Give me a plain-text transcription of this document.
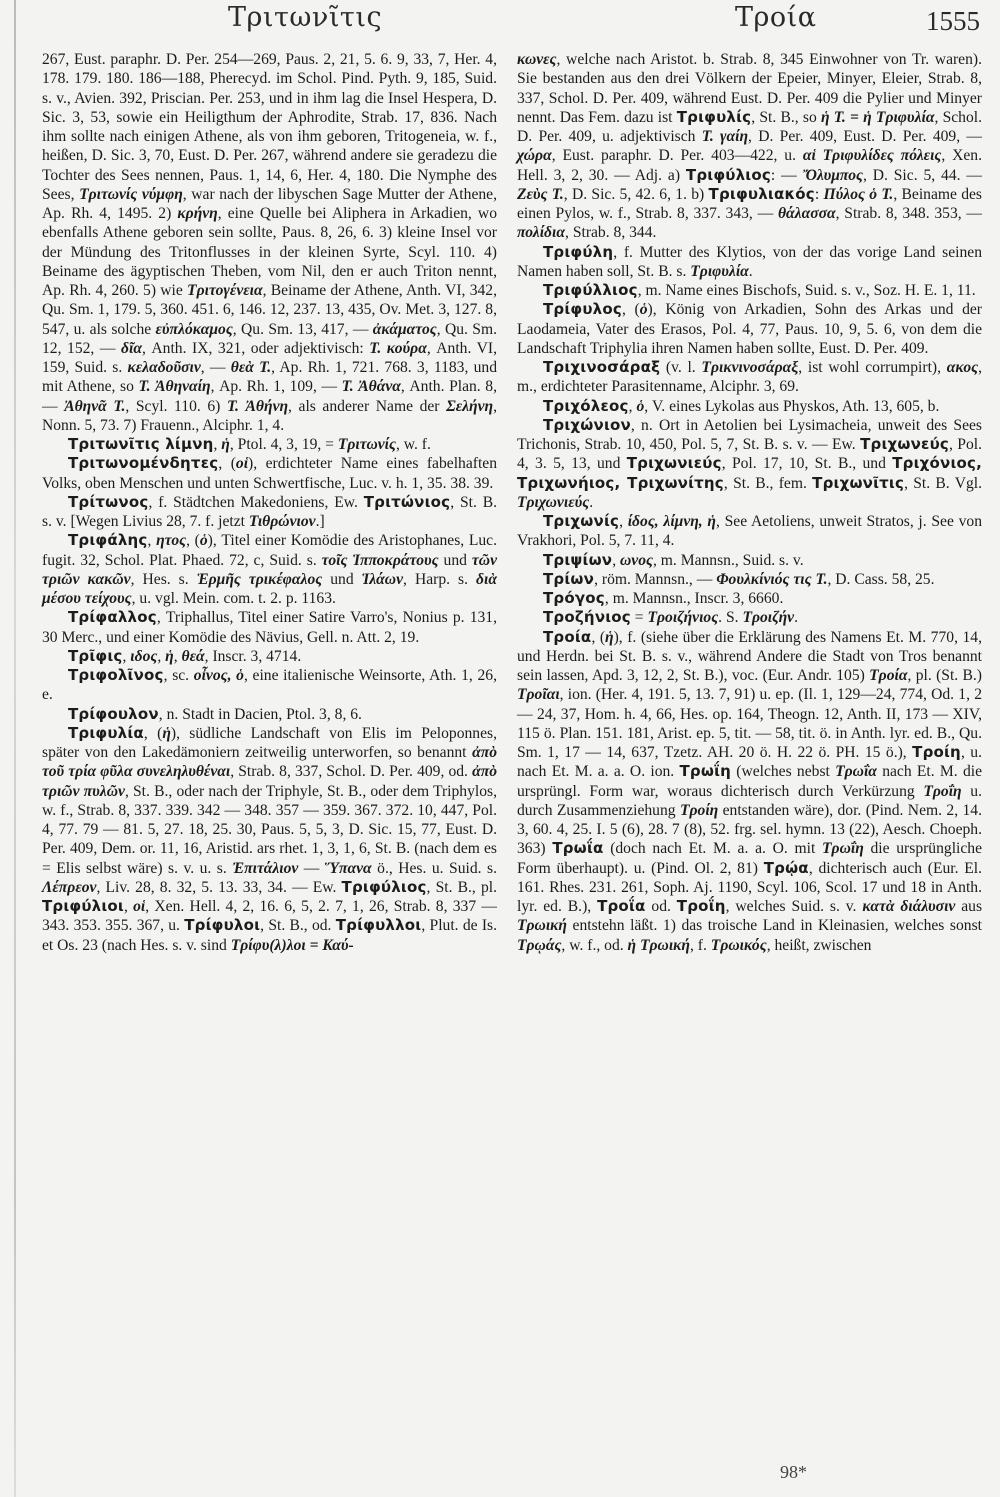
Τριτωνῖτις	Τροία	1555

267, Eust. paraphr. D. Per. 254—269, Paus. 2, 21, 5. 6. 9, 33, 7, Her. 4, 178. 179. 180. 186—188, Pherecyd. im Schol. Pind. Pyth. 9, 185, Suid. s. v., Avien. 392, Priscian. Per. 253, und in ihm lag die Insel Hespera, D. Sic. 3, 53, sowie ein Heiligthum der Aphrodite, Strab. 17, 836. Nach ihm sollte nach einigen Athene, als von ihm geboren, Tritogeneia, w. f., heißen, D. Sic. 3, 70, Eust. D. Per. 267, während andere sie geradezu die Tochter des Sees nennen, Paus. 1, 14, 6, Her. 4, 180. Die Nymphe des Sees, Τριτωνίς νύμφη, war nach der libyschen Sage Mutter der Athene, Ap. Rh. 4, 1495. 2) κρήνη, eine Quelle bei Aliphera in Arkadien, wo ebenfalls Athene geboren sein sollte, Paus. 8, 26, 6. 3) kleine Insel vor der Mündung des Tritonflusses in der kleinen Syrte, Scyl. 110. 4) Beiname des ägyptischen Theben, vom Nil, den er auch Triton nennt, Ap. Rh. 4, 260. 5) wie Τριτογένεια, Beiname der Athene, Anth. VI, 342, Qu. Sm. 1, 179. 5, 360. 451. 6, 146. 12, 237. 13, 435, Ov. Met. 3, 127. 8, 547, u. als solche εὐπλόκαμος, Qu. Sm. 13, 417, — ἀκάματος, Qu. Sm. 12, 152, — δῖα, Anth. IX, 321, oder adjektivisch: T. κούρα, Anth. VI, 159, Suid. s. κελαδοῦσιν, — θεὰ T., Ap. Rh. 1, 721. 768. 3, 1183, und mit Athene, so T. Ἀθηναίη, Ap. Rh. 1, 109, — T. Ἀθάνα, Anth. Plan. 8, — Ἀθηνᾶ T., Scyl. 110. 6) T. Ἀθήνη, als anderer Name der Σελήνη, Nonn. 5, 73. 7) Frauenn., Alciphr. 1, 4.

Τριτωνῖτις λίμνη, ἡ, Ptol. 4, 3, 19, = Τριτωνίς, w. f.

Τριτωνομένδητες, (οἱ), erdichteter Name eines fabelhaften Volks, oben Menschen und unten Schwertfische, Luc. v. h. 1, 35. 38. 39.

Τρίτωνος, f. Städtchen Makedoniens, Ew. Τριτώνιος, St. B. s. v. [Wegen Livius 28, 7. f. jetzt Τιθρώνιον.]

Τριφάλης, ητος, (ὁ), Titel einer Komödie des Aristophanes, Luc. fugit. 32, Schol. Plat. Phaed. 72, c, Suid. s. τοῖς Ἱπποκράτους und τῶν τριῶν κακῶν, Hes. s. Ἑρμῆς τρικέφαλος und Ἱλάων, Harp. s. διὰ μέσου τείχους, u. vgl. Mein. com. t. 2. p. 1163.

Τρίφαλλος, Triphallus, Titel einer Satire Varro's, Nonius p. 131, 30 Merc., und einer Komödie des Nävius, Gell. n. Att. 2, 19.

Τρῖφις, ιδος, ἡ, θεά, Inscr. 3, 4714.

Τριφολῖνος, sc. οἶνος, ὁ, eine italienische Weinsorte, Ath. 1, 26, e.

Τρίφουλον, n. Stadt in Dacien, Ptol. 3, 8, 6.

Τριφυλία, (ἡ), südliche Landschaft von Elis im Peloponnes, später von den Lakedämoniern zeitweilig unterworfen, so benannt ἀπὸ τοῦ τρία φῦλα συνεληλυθέναι, Strab. 8, 337, Schol. D. Per. 409, od. ἀπὸ τριῶν πυλῶν, St. B., oder nach der Triphyle, St. B., oder dem Triphylos, w. f., Strab. 8, 337. 339. 342 — 348. 357 — 359. 367. 372. 10, 447, Pol. 4, 77. 79 — 81. 5, 27. 18, 25. 30, Paus. 5, 5, 3, D. Sic. 15, 77, Eust. D. Per. 409, Dem. or. 11, 16, Aristid. ars rhet. 1, 3, 1, 6, St. B. (nach dem es = Elis selbst wäre) s. v. u. s. Ἐπιτάλιον — Ὕπανα ö., Hes. u. Suid. s. Λέπρεον, Liv. 28, 8. 32, 5. 13. 33, 34. — Ew. Τριφύλιος, St. B., pl. Τριφύλιοι, οἱ, Xen. Hell. 4, 2, 16. 6, 5, 2. 7, 1, 26, Strab. 8, 337 — 343. 353. 355. 367, u. Τρίφυλοι, St. B., od. Τρίφυλλοι, Plut. de Is. et Os. 23 (nach Hes. s. v. sind Τρίφυ(λ)λοι = Καύ-

κωνες, welche nach Aristot. b. Strab. 8, 345 Einwohner von Tr. waren). Sie bestanden aus den drei Völkern der Epeier, Minyer, Eleier, Strab. 8, 337, Schol. D. Per. 409, während Eust. D. Per. 409 die Pylier und Minyer nennt. Das Fem. dazu ist Τριφυλίς, St. B., so ἡ T. = ἡ Τριφυλία, Schol. D. Per. 409, u. adjektivisch T. γαίη, D. Per. 409, Eust. D. Per. 409, — χώρα, Eust. paraphr. D. Per. 403—422, u. αἱ Τριφυλίδες πόλεις, Xen. Hell. 3, 2, 30. — Adj. a) Τριφύλιος: — Ὄλυμπος, D. Sic. 5, 44. — Ζεὺς T., D. Sic. 5, 42. 6, 1. b) Τριφυλιακός: Πύλος ὁ T., Beiname des einen Pylos, w. f., Strab. 8, 337. 343, — θάλασσα, Strab. 8, 348. 353, — πολίδια, Strab. 8, 344.

Τριφύλη, f. Mutter des Klytios, von der das vorige Land seinen Namen haben soll, St. B. s. Τριφυλία.

Τριφύλλιος, m. Name eines Bischofs, Suid. s. v., Soz. H. E. 1, 11.

Τρίφυλος, (ὁ), König von Arkadien, Sohn des Arkas und der Laodameia, Vater des Erasos, Pol. 4, 77, Paus. 10, 9, 5. 6, von dem die Landschaft Triphylia ihren Namen haben sollte, Eust. D. Per. 409.

Τριχινοσάραξ (v. l. Τρικνινοσάραξ, ist wohl corrumpirt), ακος, m., erdichteter Parasitenname, Alciphr. 3, 69.

Τριχόλεος, ὁ, V. eines Lykolas aus Physkos, Ath. 13, 605, b.

Τριχώνιον, n. Ort in Aetolien bei Lysimacheia, unweit des Sees Trichonis, Strab. 10, 450, Pol. 5, 7, St. B. s. v. — Ew. Τριχωνεύς, Pol. 4, 3. 5, 13, und Τριχωνιεύς, Pol. 17, 10, St. B., und Τριχόνιος, Τριχωνήιος, Τριχωνίτης, St. B., fem. Τριχωνῖτις, St. B. Vgl. Τριχωνιεύς.

Τριχωνίς, ίδος, λίμνη, ἡ, See Aetoliens, unweit Stratos, j. See von Vrakhori, Pol. 5, 7. 11, 4.

Τριψίων, ωνος, m. Mannsn., Suid. s. v.

Τρίων, röm. Mannsn., — Φουλκίνιός τις T., D. Cass. 58, 25.

Τρόγος, m. Mannsn., Inscr. 3, 6660.

Τροζήνιος = Τροιζήνιος. S. Τροιζήν.

Τροία, (ἡ), f. (siehe über die Erklärung des Namens Et. M. 770, 14, und Herdn. bei St. B. s. v., während Andere die Stadt von Tros benannt sein lassen, Apd. 3, 12, 2, St. B.), voc. (Eur. Andr. 105) Τροία, pl. (St. B.) Τροῖαι, ion. (Her. 4, 191. 5, 13. 7, 91) u. ep. (Il. 1, 129—24, 774, Od. 1, 2 — 24, 37, Hom. h. 4, 66, Hes. op. 164, Theogn. 12, Anth. II, 173 — XIV, 115 ö. Plan. 151. 181, Arist. ep. 5, tit. — 58, tit. ö. in Anth. lyr. ed. B., Qu. Sm. 1, 17 — 14, 637, Tzetz. AH. 20 ö. H. 22 ö. PH. 15 ö.), Τροίη, u. nach Et. M. a. a. O. ion. Τρωΐη (welches nebst Τρωΐα nach Et. M. die ursprüngl. Form war, woraus dichterisch durch Verkürzung Τροΐη u. durch Zusammenziehung Τροίη entstanden wäre), dor. (Pind. Nem. 2, 14. 3, 60. 4, 25. I. 5 (6), 28. 7 (8), 52. frg. sel. hymn. 13 (22), Aesch. Choeph. 363) Τρωΐα (doch nach Et. M. a. a. O. mit Τρωΐη die ursprüngliche Form überhaupt). u. (Pind. Ol. 2, 81) Τρῴα, dichterisch auch (Eur. El. 161. Rhes. 231. 261, Soph. Aj. 1190, Scyl. 106, Scol. 17 und 18 in Anth. lyr. ed. B.), Τροΐα od. Τροΐη, welches Suid. s. v. κατὰ διάλυσιν aus Τρωική entstehn läßt. 1) das troische Land in Kleinasien, welches sonst Τρῳάς, w. f., od. ἡ Τρωική, f. Τρωικός, heißt, zwischen

98*
